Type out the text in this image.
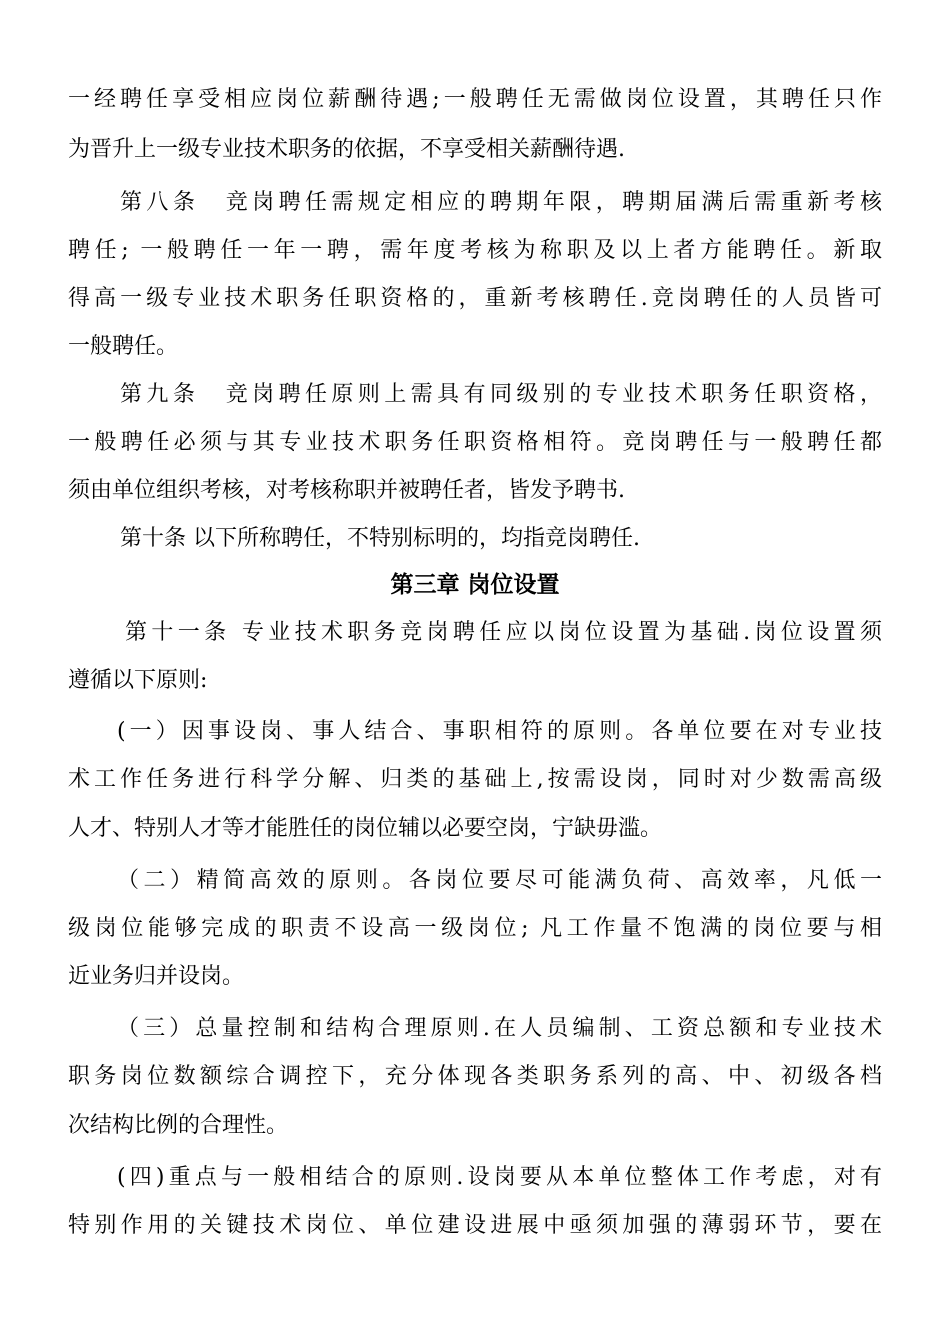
一经聘任享受相应岗位薪酬待遇;一般聘任无需做岗位设置，其聘任只作
为晋升上一级专业技术职务的依据，不享受相关薪酬待遇.
第八条　竞岗聘任需规定相应的聘期年限，聘期届满后需重新考核
聘任; 一般聘任一年一聘，需年度考核为称职及以上者方能聘任。新取
得高一级专业技术职务任职资格的，重新考核聘任.竞岗聘任的人员皆可
一般聘任。
第九条　竞岗聘任原则上需具有同级别的专业技术职务任职资格，
一般聘任必须与其专业技术职务任职资格相符。竞岗聘任与一般聘任都
须由单位组织考核，对考核称职并被聘任者，皆发予聘书.
第十条 以下所称聘任，不特别标明的，均指竞岗聘任.
第三章 岗位设置
第十一条 专业技术职务竞岗聘任应以岗位设置为基础.岗位设置须
遵循以下原则:
(一）因事设岗、事人结合、事职相符的原则。各单位要在对专业技
术工作任务进行科学分解、归类的基础上,按需设岗，同时对少数需高级
人才、特别人才等才能胜任的岗位辅以必要空岗，宁缺毋滥。
（二）精简高效的原则。各岗位要尽可能满负荷、高效率，凡低一
级岗位能够完成的职责不设高一级岗位; 凡工作量不饱满的岗位要与相
近业务归并设岗。
（三）总量控制和结构合理原则.在人员编制、工资总额和专业技术
职务岗位数额综合调控下，充分体现各类职务系列的高、中、初级各档
次结构比例的合理性。
(四)重点与一般相结合的原则.设岗要从本单位整体工作考虑，对有
特别作用的关键技术岗位、单位建设进展中亟须加强的薄弱环节，要在
